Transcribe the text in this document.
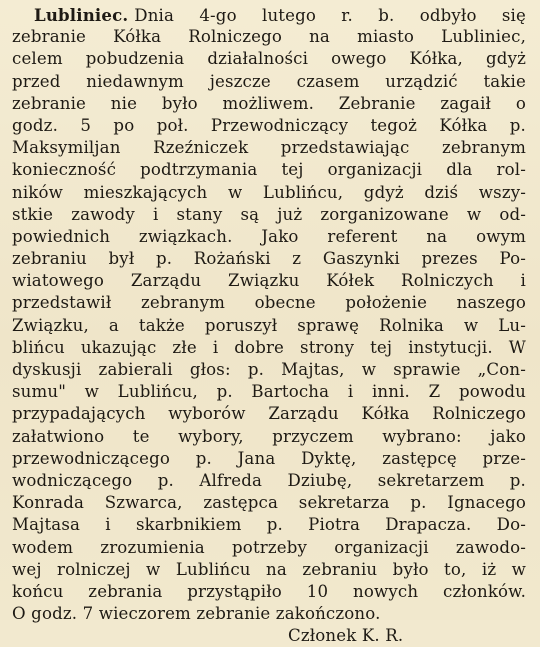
Lubliniec. Dnia 4-go lutego r. b. odbyło się
zebranie Kółka Rolniczego na miasto Lubliniec,
celem pobudzenia działalności owego Kółka, gdyż
przed niedawnym jeszcze czasem urządzić takie
zebranie nie było możliwem. Zebranie zagaił o
godz. 5 po poł. Przewodniczący tegoż Kółka p.
Maksymiljan Rzeźniczek przedstawiając zebranym
konieczność podtrzymania tej organizacji dla rol-
ników mieszkających w Lublińcu, gdyż dziś wszy-
stkie zawody i stany są już zorganizowane w od-
powiednich związkach. Jako referent na owym
zebraniu był p. Rożański z Gaszynki prezes Po-
wiatowego Zarządu Związku Kółek Rolniczych i
przedstawił zebranym obecne położenie naszego
Związku, a także poruszył sprawę Rolnika w Lu-
blińcu ukazując złe i dobre strony tej instytucji. W
dyskusji zabierali głos: p. Majtas, w sprawie „Con-
sumu" w Lublińcu, p. Bartocha i inni. Z powodu
przypadających wyborów Zarządu Kółka Rolniczego
załatwiono te wybory, przyczem wybrano: jako
przewodniczącego p. Jana Dyktę, zastępcę prze-
wodniczącego p. Alfreda Dziubę, sekretarzem p.
Konrada Szwarca, zastępca sekretarza p. Ignacego
Majtasa i skarbnikiem p. Piotra Drapacza. Do-
wodem zrozumienia potrzeby organizacji zawodo-
wej rolniczej w Lublińcu na zebraniu było to, iż w
końcu zebrania przystąpiło 10 nowych członków.
O godz. 7 wieczorem zebranie zakończono.
Członek K. R.
